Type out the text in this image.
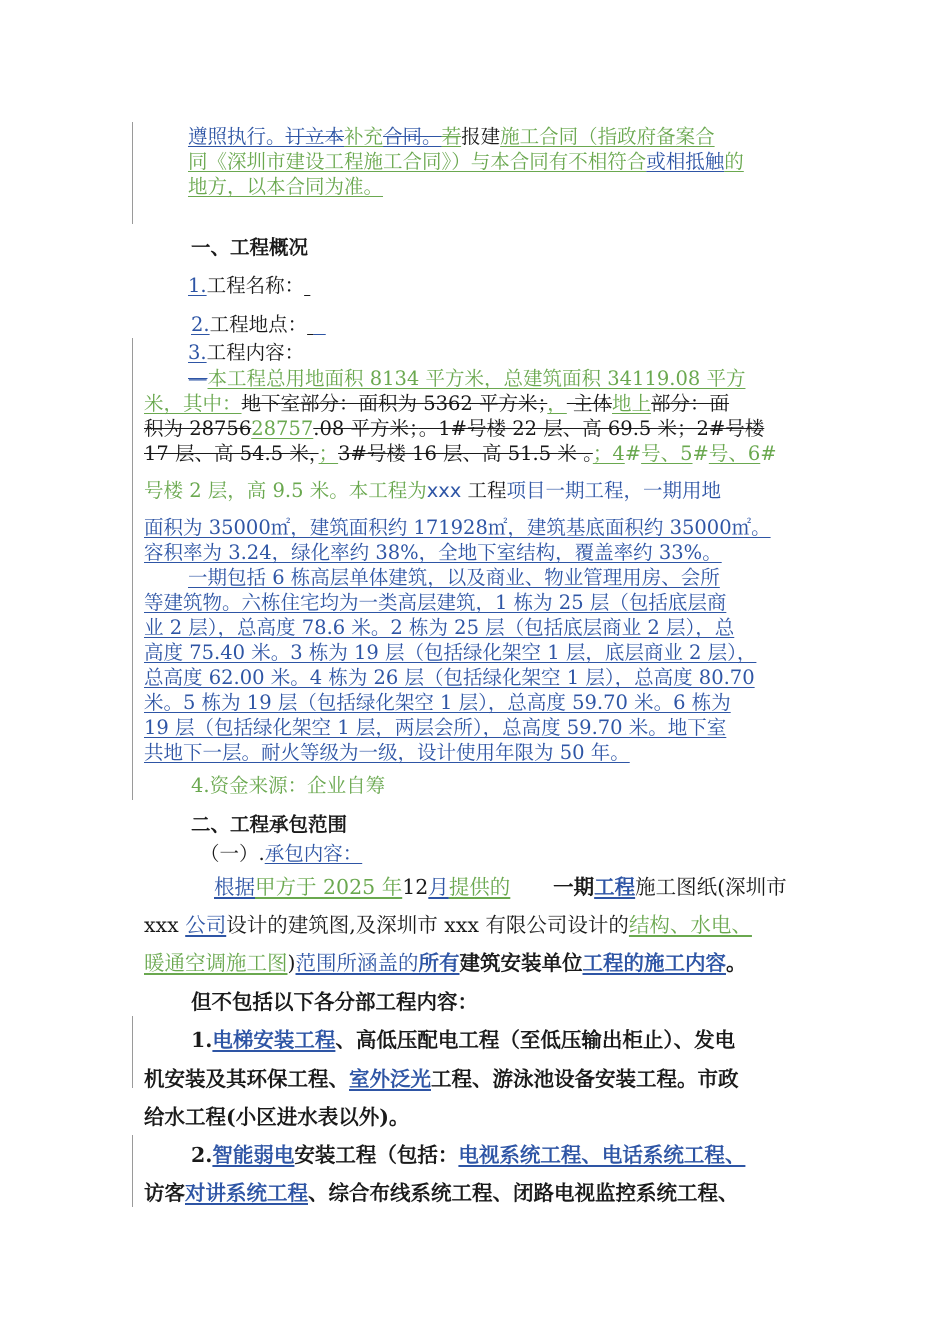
遵照执行。订立本补充合同。若报建施工合同（指政府备案合
同《深圳市建设工程施工合同》）与本合同有不相符合或相抵触的
地方，以本合同为准。
一、工程概况
1.工程名称：
2.工程地点：
3.工程内容：
—本工程总用地面积 8134 平方米，总建筑面积 34119.08 平方
米，其中：地下室部分：面积为 5362 平方米；， 主体地上部分：面
积为 2875628757.08 平方米；。1#号楼 22 层、高 69.5 米；2#号楼
17 层、高 54.5 米，；3#号楼 16 层、高 51.5 米 。；4#号、5#号、6#
号楼 2 层，高 9.5 米。本工程为xxx 工程项目一期工程，一期用地
面积为 35000㎡，建筑面积约 171928㎡，建筑基底面积约 35000㎡。
容积率为 3.24，绿化率约 38%，全地下室结构，覆盖率约 33%。
一期包括 6 栋高层单体建筑，以及商业、物业管理用房、会所
等建筑物。六栋住宅均为一类高层建筑，1 栋为 25 层（包括底层商
业 2 层），总高度 78.6 米。2 栋为 25 层（包括底层商业 2 层），总
高度 75.40 米。3 栋为 19 层（包括绿化架空 1 层，底层商业 2 层），
总高度 62.00 米。4 栋为 26 层（包括绿化架空 1 层），总高度 80.70
米。5 栋为 19 层（包括绿化架空 1 层），总高度 59.70 米。6 栋为
19 层（包括绿化架空 1 层，两层会所），总高度 59.70 米。地下室
共地下一层。耐火等级为一级，设计使用年限为 50 年。
4.资金来源：企业自筹
二、工程承包范围
（一）.承包内容：
根据甲方于 2025 年12月提供的      一期工程施工图纸(深圳市
xxx 公司设计的建筑图,及深圳市 xxx 有限公司设计的结构、水电、
暖通空调施工图)范围所涵盖的所有建筑安装单位工程的施工内容。
但不包括以下各分部工程内容：
1.电梯安装工程、高低压配电工程（至低压输出柜止）、发电
机安装及其环保工程、室外泛光工程、游泳池设备安装工程。市政
给水工程(小区进水表以外)。
2.智能弱电安装工程（包括：电视系统工程、电话系统工程、
访客对讲系统工程、综合布线系统工程、闭路电视监控系统工程、
